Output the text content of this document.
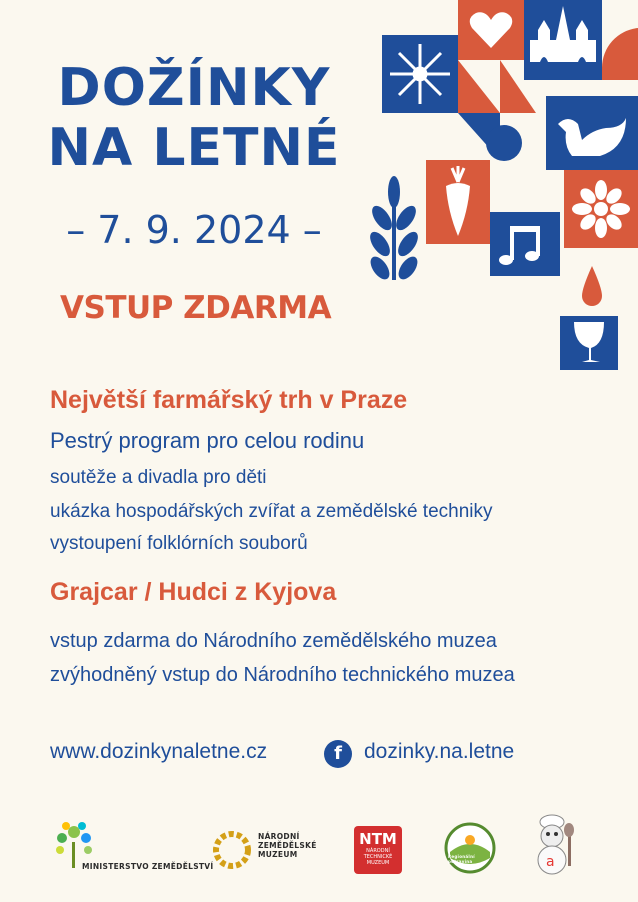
DOŽÍNKY
NA LETNÉ
– 7. 9. 2024 –
VSTUP ZDARMA
Největší farmářský trh v Praze
Pestrý program pro celou rodinu
soutěže a divadla pro děti
ukázka hospodářských zvířat a zemědělské techniky
vystoupení folklórních souborů
Grajcar / Hudci z Kyjova
vstup zdarma do Národního zemědělského muzea
zvýhodněný vstup do Národního technického muzea
www.dozinkynaletne.cz	f	dozinky.na.letne
MINISTERSTVO ZEMĚDĚLSTVÍ
NÁRODNÍ
ZEMĚDĚLSKÉ
MUZEUM
NTM
NÁRODNÍ
TECHNICKÉ
MUZEUM
Regionální potravina	a
